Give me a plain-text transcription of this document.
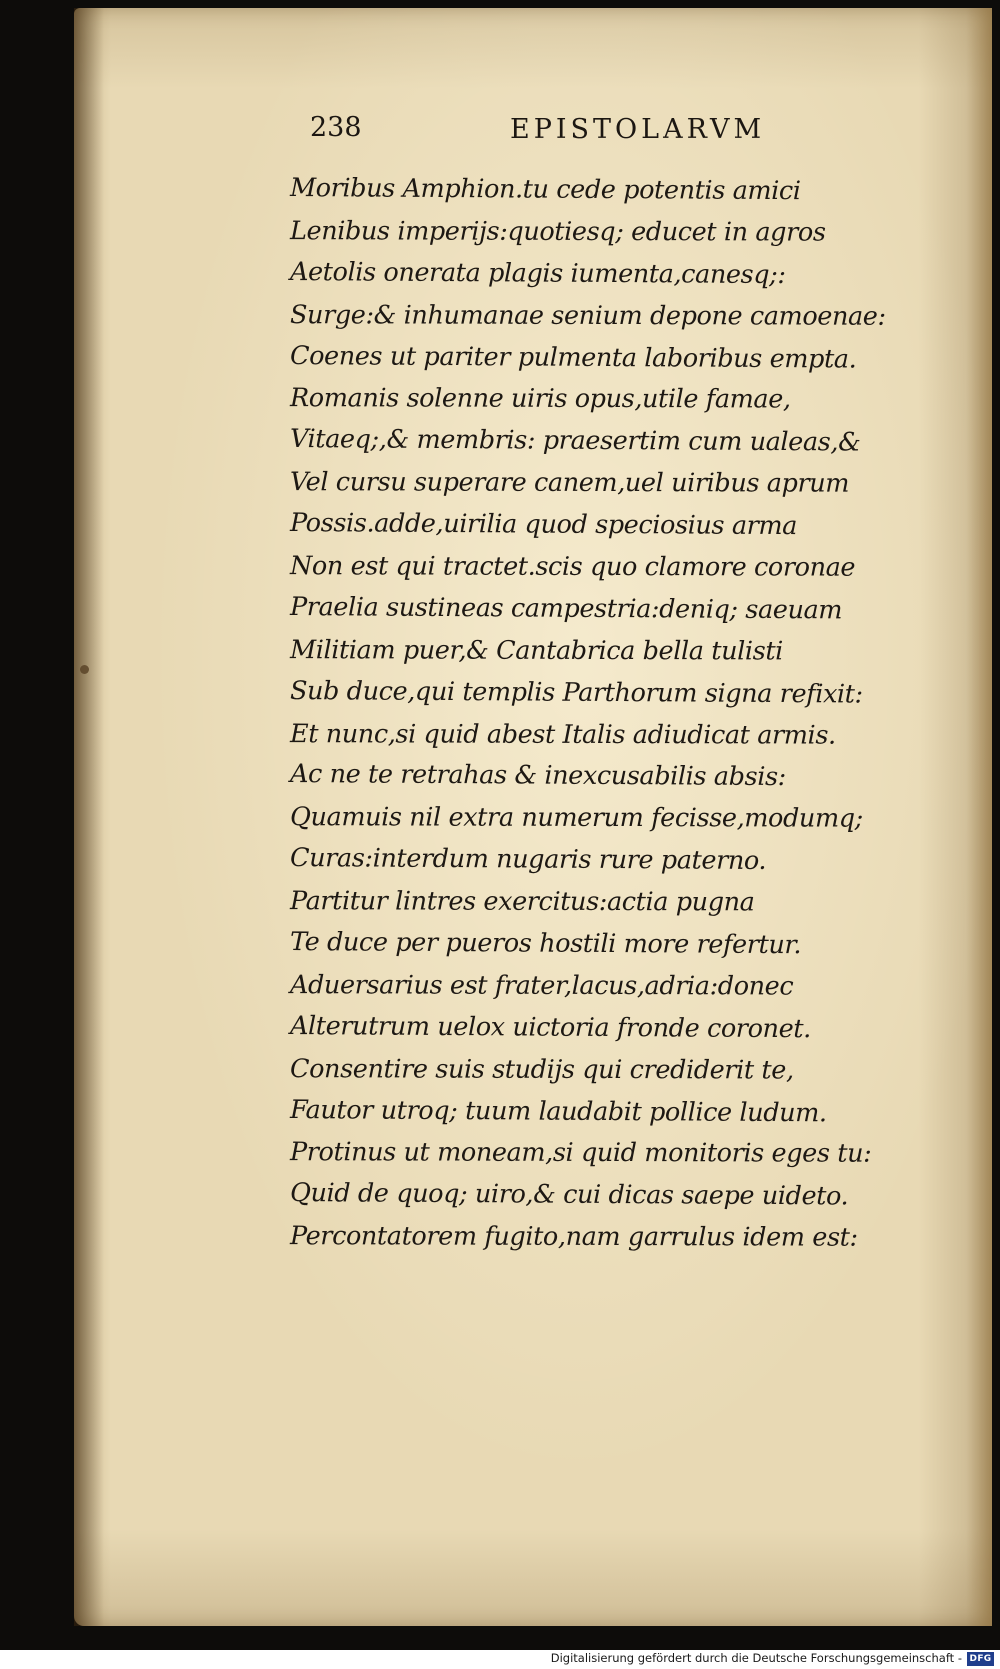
238	EPISTOLARVM
Moribus Amphion.tu cede potentis amici
Lenibus imperijs:quotiesq; educet in agros
Aetolis onerata plagis iumenta,canesq;:
Surge:& inhumanae senium depone camoenae:
Coenes ut pariter pulmenta laboribus empta.
Romanis solenne uiris opus,utile famae,
Vitaeq;,& membris: praesertim cum ualeas,&
Vel cursu superare canem,uel uiribus aprum
Possis.adde,uirilia quod speciosius arma
Non est qui tractet.scis quo clamore coronae
Praelia sustineas campestria:deniq; saeuam
Militiam puer,& Cantabrica bella tulisti
Sub duce,qui templis Parthorum signa refixit:
Et nunc,si quid abest Italis adiudicat armis.
Ac ne te retrahas & inexcusabilis absis:
Quamuis nil extra numerum fecisse,modumq;
Curas:interdum nugaris rure paterno.
Partitur lintres exercitus:actia pugna
Te duce per pueros hostili more refertur.
Aduersarius est frater,lacus,adria:donec
Alterutrum uelox uictoria fronde coronet.
Consentire suis studijs qui crediderit te,
Fautor utroq; tuum laudabit pollice ludum.
Protinus ut moneam,si quid monitoris eges tu:
Quid de quoq; uiro,& cui dicas saepe uideto.
Percontatorem fugito,nam garrulus idem est:
Digitalisierung gefördert durch die Deutsche Forschungsgemeinschaft - DFG
